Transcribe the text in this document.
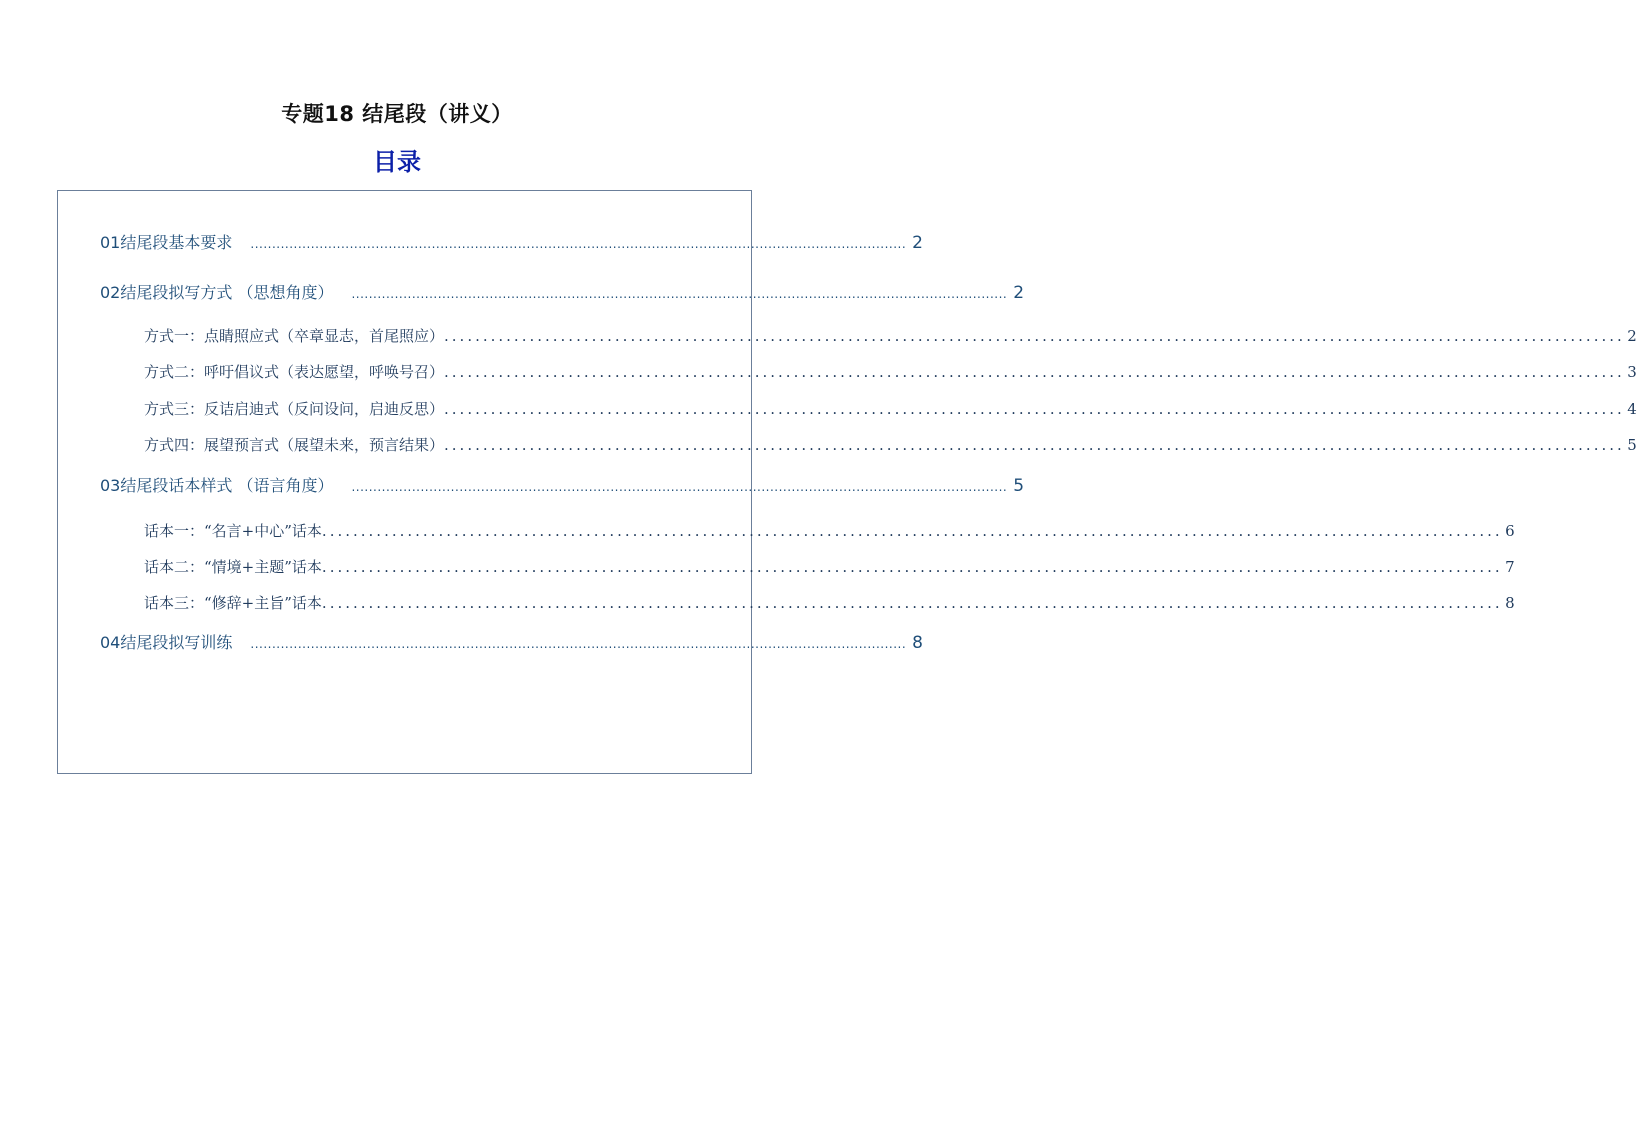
专题18 结尾段（讲义）
目录
01结尾段基本要求 ........................................................................................................................................................ 2
02结尾段拟写方式 （思想角度） ........................................................................................................................................................ 2
方式一：点睛照应式（卒章显志，首尾照应） ........................................................................................................................................................ 2
方式二：呼吁倡议式（表达愿望，呼唤号召） ........................................................................................................................................................ 3
方式三：反诘启迪式（反问设问，启迪反思） ........................................................................................................................................................ 4
方式四：展望预言式（展望未来，预言结果） ........................................................................................................................................................ 5
03结尾段话本样式 （语言角度） ........................................................................................................................................................ 5
话本一：“名言+中心”话本 ........................................................................................................................................................ 6
话本二：“情境+主题”话本 ........................................................................................................................................................ 7
话本三：“修辞+主旨”话本 ........................................................................................................................................................ 8
04结尾段拟写训练 ........................................................................................................................................................ 8
